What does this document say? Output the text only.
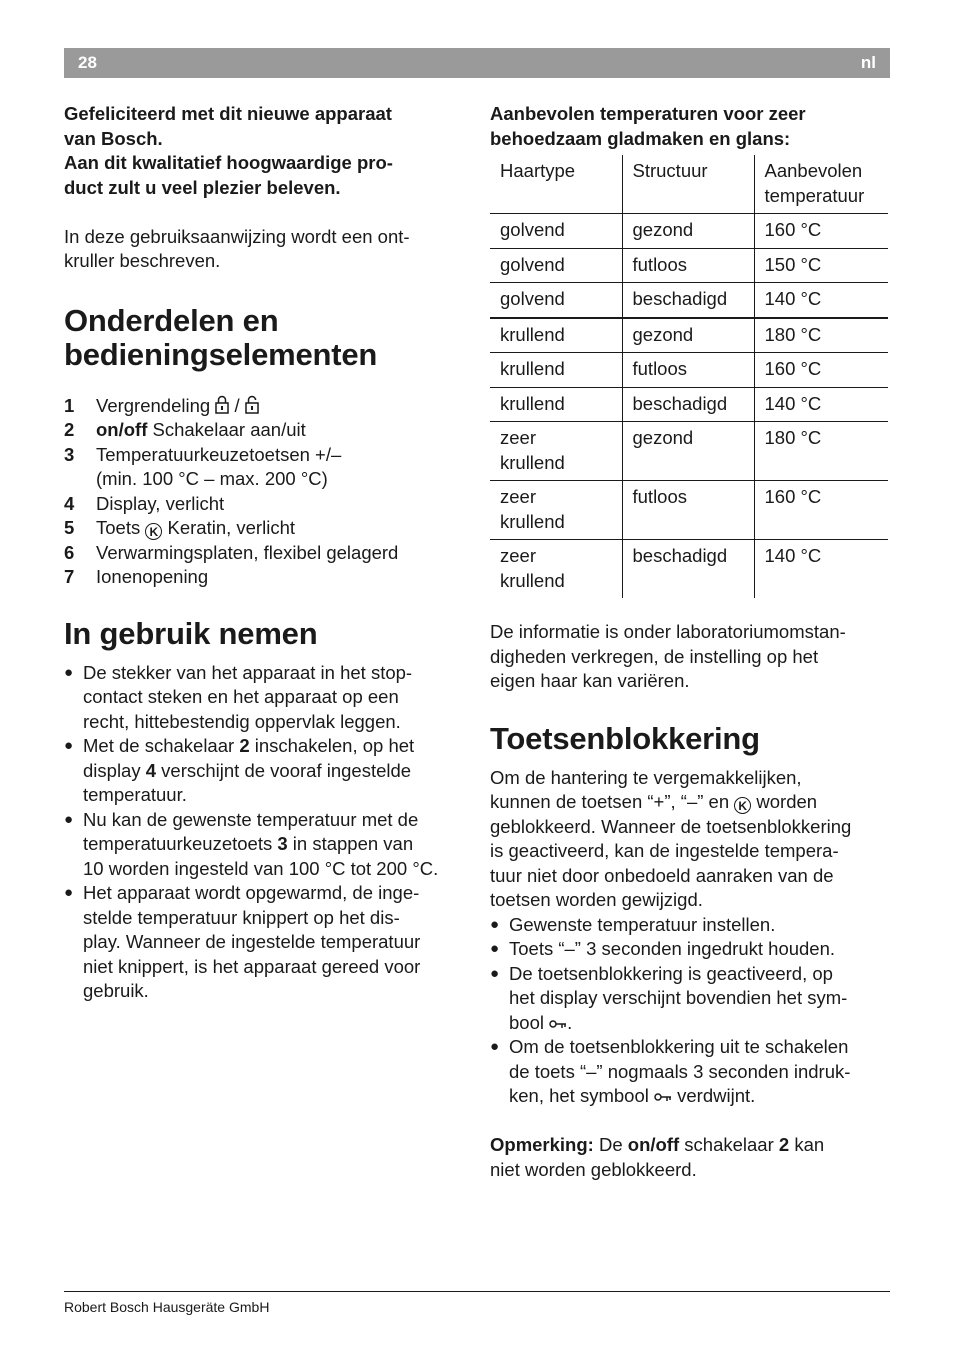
28	nl

Gefeliciteerd met dit nieuwe apparaat
van Bosch.
Aan dit kwalitatief hoogwaardige pro-
duct zult u veel plezier beleven.

In deze gebruiksaanwijzing wordt een ont-
kruller beschreven.

Onderdelen en
bedieningselementen
1	Vergrendeling  /
2	on/off Schakelaar aan/uit
3	Temperatuurkeuzetoetsen +/–
(min. 100 °C – max. 200 °C)
4	Display, verlicht
5	Toets K Keratin, verlicht
6	Verwarmingsplaten, flexibel gelagerd
7	Ionenopening
In gebruik nemen
● De stekker van het apparaat in het stop-
contact steken en het apparaat op een
recht, hittebestendig oppervlak leggen.
● Met de schakelaar 2 inschakelen, op het
display 4 verschijnt de vooraf ingestelde
temperatuur.
● Nu kan de gewenste temperatuur met de
temperatuurkeuzetoets 3 in stappen van
10 worden ingesteld van 100 °C tot 200 °C.
● Het apparaat wordt opgewarmd, de inge-
stelde temperatuur knippert op het dis-
play. Wanneer de ingestelde temperatuur
niet knippert, is het apparaat gereed voor
gebruik.

Aanbevolen temperaturen voor zeer
behoedzaam gladmaken en glans:

Haartype	Structuur	Aanbevolen
temperatuur
golvend	gezond	160 °C
golvend	futloos	150 °C
golvend	beschadigd	140 °C
krullend	gezond	180 °C
krullend	futloos	160 °C
krullend	beschadigd	140 °C
zeer
krullend	gezond	180 °C
zeer
krullend	futloos	160 °C
zeer
krullend	beschadigd	140 °C

De informatie is onder laboratoriumomstan-
digheden verkregen, de instelling op het
eigen haar kan variëren.

Toetsenblokkering

Om de hantering te vergemakkelijken,
kunnen de toetsen “+”, “–” en K worden
geblokkeerd. Wanneer de toetsenblokkering
is geactiveerd, kan de ingestelde tempera-
tuur niet door onbedoeld aanraken van de
toetsen worden gewijzigd.

● Gewenste temperatuur instellen.
● Toets “–” 3 seconden ingedrukt houden.
● De toetsenblokkering is geactiveerd, op
het display verschijnt bovendien het sym-
bool .
● Om de toetsenblokkering uit te schakelen
de toets “–” nogmaals 3 seconden indruk-
ken, het symbool  verdwijnt.

Opmerking: De on/off schakelaar 2 kan
niet worden geblokkeerd.

Robert Bosch Hausgeräte GmbH
